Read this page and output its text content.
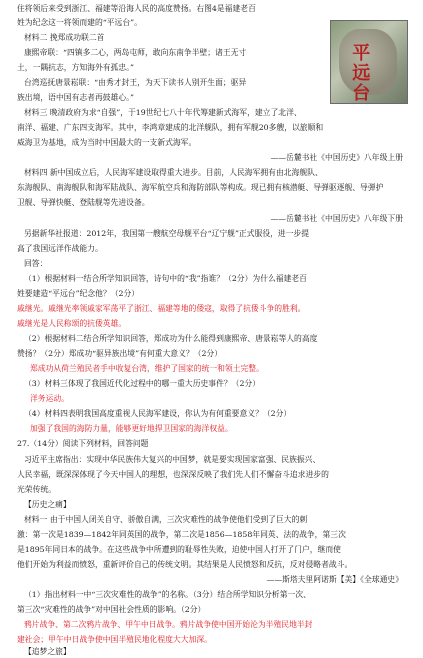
平远台
住将领后来受到浙江、福建等沿海人民的高度赞扬。右图4是福建老百
姓为纪念这一将领而建的“平远台”。
材料二 挽郑成功联二首
康熙帝联：“四镇多二心，两岛屯师，敢向东南争半壁；诸王无寸
土，一隅抗志，方知海外有孤忠。”
台湾巡抚唐景崧联：“由秀才封王，为天下读书人别开生面；驱异
族出境，语中国有志者再鼓雄心。”
材料三 晚清政府为求“自强”，于19世纪七八十年代筹建新式海军，建立了北洋、
南洋、福建、广东四支海军。其中，李鸿章建成的北洋舰队，拥有军舰20多艘，以旅顺和
威海卫为基地，成为当时中国最大的一支新式海军。
——岳麓书社《中国历史》八年级上册
材料四 新中国成立后，人民海军建设取得重大进步。目前，人民海军拥有由北海舰队、
东海舰队、南海舰队和海军陆战队、海军航空兵和海防部队等构成。现已拥有核潜艇、导弹驱逐舰、导弹护
卫舰、导弹快艇、登陆舰等先进设备。
——岳麓书社《中国历史》八年级下册
另据新华社报道：2012年，我国第一艘航空母舰平台“辽宁舰”正式服役，进一步提
高了我国远洋作战能力。
回答：
（1）根据材料一结合所学知识回答，诗句中的“我”指谁？（2分）为什么福建老百
姓要建造“平远台”纪念他？（2分）
戚继光。戚继光率领戚家军荡平了浙江、福建等地的倭寇，取得了抗倭斗争的胜利。
戚继光是人民称颂的抗倭英雄。
（2）根据材料二结合所学知识回答，郑成功为什么能得到康熙帝、唐景崧等人的高度
赞扬？（2分）郑成功“驱异族出境”有何重大意义？（2分）
郑成功从荷兰殖民者手中收复台湾，维护了国家的统一和领土完整。
（3）材料三体现了我国近代化过程中的哪一重大历史事件？（2分）
洋务运动。
（4）材料四表明我国高度重视人民海军建设，你认为有何重要意义？（2分）
加强了我国的海防力量，能够更好地捍卫国家的海洋权益。
27.（14分）阅读下列材料，回答问题
习近平主席指出：实现中华民族伟大复兴的中国梦，就是要实现国家富强、民族振兴、
人民幸福，既深深体现了今天中国人的理想，也深深反映了我们先人们不懈奋斗追求进步的
光荣传统。
【历史之痛】
材料一 由于中国人闭关自守、骄傲自满，三次灾难性的战争使他们受到了巨大的刺
激：第一次是1839—1842年同英国的战争，第二次是1856—1858年同英、法的战争，第三次
是1895年同日本的战争。在这些战争中所遭到的耻辱性失败，迫使中国人打开了门户，继而使
他们开始为利益而愤怒，重新评价自己的传统文明。其结果是人民愤怒和反抗，反对侵略者战斗。
——斯塔夫里阿诺斯【美】《全球通史》
（1）指出材料一中“三次灾难性的战争”的名称。（3分）结合所学知识分析第一次、
第三次“灾难性的战争”对中国社会性质的影响。（2分）
鸦片战争、第二次鸦片战争、甲午中日战争。鸦片战争使中国开始沦为半殖民地半封
建社会；甲午中日战争使中国半殖民地化程度大大加深。
【追梦之旅】
